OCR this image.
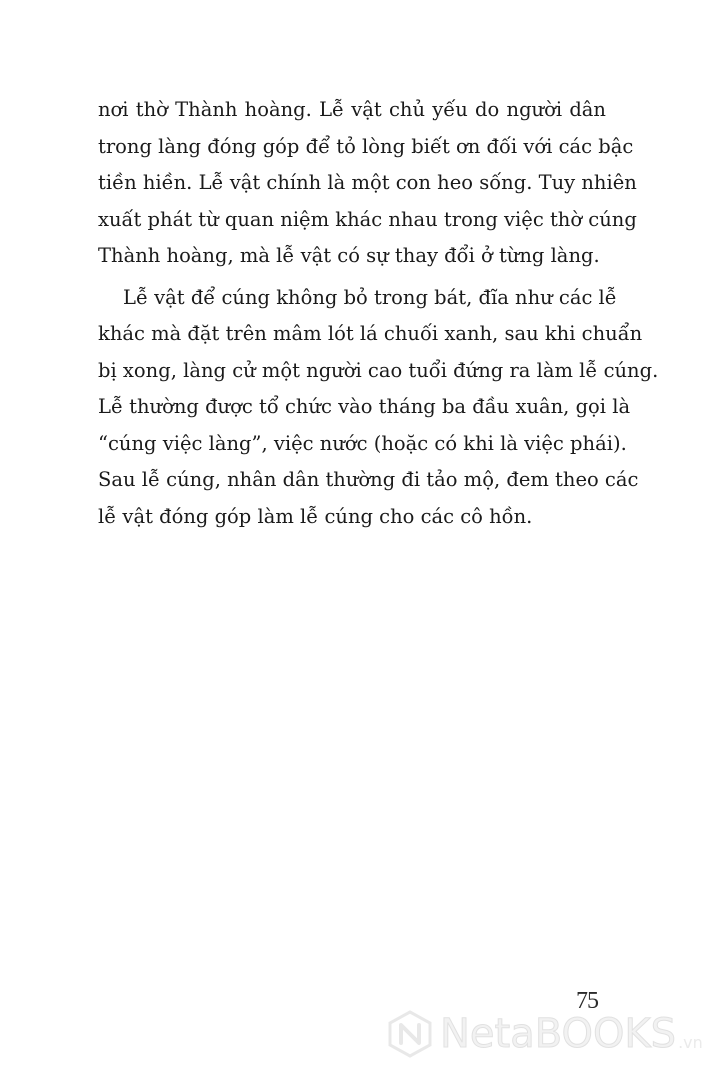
nơi thờ Thành hoàng. Lễ vật chủ yếu do người dân
trong làng đóng góp để tỏ lòng biết ơn đối với các bậc
tiền hiền. Lễ vật chính là một con heo sống. Tuy nhiên
xuất phát từ quan niệm khác nhau trong việc thờ cúng
Thành hoàng, mà lễ vật có sự thay đổi ở từng làng.
Lễ vật để cúng không bỏ trong bát, đĩa như các lễ
khác mà đặt trên mâm lót lá chuối xanh, sau khi chuẩn
bị xong, làng cử một người cao tuổi đứng ra làm lễ cúng.
Lễ thường được tổ chức vào tháng ba đầu xuân, gọi là
“cúng việc làng”, việc nước (hoặc có khi là việc phái).
Sau lễ cúng, nhân dân thường đi tảo mộ, đem theo các
lễ vật đóng góp làm lễ cúng cho các cô hồn.
75
NetaBOOKS .vn
